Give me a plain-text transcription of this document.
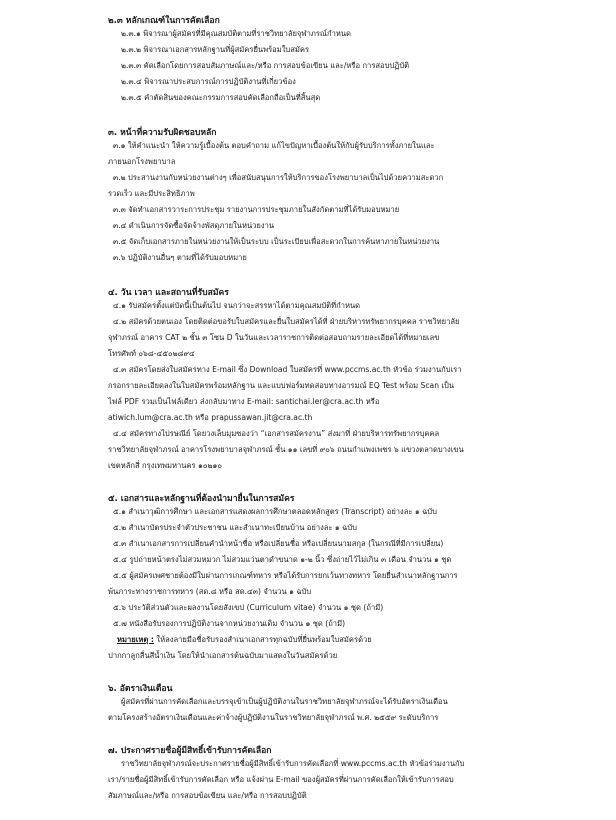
๒.๓ หลักเกณฑ์ในการคัดเลือก
๒.๓.๑ พิจารณาผู้สมัครที่มีคุณสมบัติตามที่ราชวิทยาลัยจุฬาภรณ์กำหนด
๒.๓.๒ พิจารณาเอกสารหลักฐานที่ผู้สมัครยื่นพร้อมใบสมัคร
๒.๓.๓ คัดเลือกโดยการสอบสัมภาษณ์และ/หรือ การสอบข้อเขียน และ/หรือ การสอบปฏิบัติ
๒.๓.๔ พิจารณาประสบการณ์การปฏิบัติงานที่เกี่ยวข้อง
๒.๓.๕ คำตัดสินของคณะกรรมการสอบคัดเลือกถือเป็นที่สิ้นสุด
๓. หน้าที่ความรับผิดชอบหลัก
๓.๑ ให้คำแนะนำ ให้ความรู้เบื้องต้น ตอบคำถาม แก้ไขปัญหาเบื้องต้นให้กับผู้รับบริการทั้งภายในและ
ภายนอกโรงพยาบาล
๓.๒ ประสานงานกับหน่วยงานต่างๆ เพื่อสนับสนุนการให้บริการของโรงพยาบาลเป็นไปด้วยความสะดวก
รวดเร็ว และมีประสิทธิภาพ
๓.๓ จัดทำเอกสารวาระการประชุม รายงานการประชุมภายในสังกัดตามที่ได้รับมอบหมาย
๓.๔ ดำเนินการจัดซื้อจัดจ้างพัสดุภายในหน่วยงาน
๓.๕ จัดเก็บเอกสารภายในหน่วยงานให้เป็นระบบ เป็นระเบียบเพื่อสะดวกในการค้นหาภายในหน่วยงาน
๓.๖ ปฏิบัติงานอื่นๆ ตามที่ได้รับมอบหมาย
๔. วัน เวลา และสถานที่รับสมัคร
๔.๑ รับสมัครตั้งแต่บัดนี้เป็นต้นไป จนกว่าจะสรรหาได้ตามคุณสมบัติที่กำหนด
๔.๒ สมัครด้วยตนเอง โดยติดต่อขอรับใบสมัครและยื่นใบสมัครได้ที่ ฝ่ายบริหารทรัพยากรบุคคล ราชวิทยาลัย
จุฬาภรณ์ อาคาร CAT ๒ ชั้น ๓ โซน D ในวันและเวลาราชการติดต่อสอบถามรายละเอียดได้ที่หมายเลข
โทรศัพท์ ๐๖๘-๔๕๐๒๘๙๔
๔.๓ สมัครโดยส่งใบสมัครทาง E-mail ซึ่ง Download ใบสมัครที่ www.pccms.ac.th หัวข้อ ร่วมงานกับเรา
กรอกรายละเอียดลงในใบสมัครพร้อมหลักฐาน และแบบฟอร์มทดสอบทางอารมณ์ EQ Test พร้อม Scan เป็น
ไฟล์ PDF รวมเป็นไฟล์เดียว ส่งกลับมาทาง E-mail: santichai.ler@cra.ac.th หรือ
atiwich.lum@cra.ac.th หรือ prapussawan.jit@cra.ac.th
๔.๔ สมัครทางไปรษณีย์ โดยวงเล็บมุมซองว่า “เอกสารสมัครงาน” ส่งมาที่ ฝ่ายบริหารทรัพยากรบุคคล
ราชวิทยาลัยจุฬาภรณ์ อาคารโรงพยาบาลจุฬาภรณ์ ชั้น ๑๑ เลขที่ ๙๐๖ ถนนกำแพงเพชร ๖ แขวงตลาดบางเขน
เขตหลักสี่ กรุงเทพมหานคร ๑๐๒๑๐
๕. เอกสารและหลักฐานที่ต้องนำมายื่นในการสมัคร
๕.๑ สำเนาวุฒิการศึกษา และเอกสารแสดงผลการศึกษาตลอดหลักสูตร (Transcript) อย่างละ ๑ ฉบับ
๕.๒ สำเนาบัตรประจำตัวประชาชน และสำเนาทะเบียนบ้าน อย่างละ ๑ ฉบับ
๕.๓ สำเนาเอกสารการเปลี่ยนคำนำหน้าชื่อ หรือเปลี่ยนชื่อ หรือเปลี่ยนนามสกุล (ในกรณีที่มีการเปลี่ยน)
๕.๔ รูปถ่ายหน้าตรงไม่สวมหมวก ไม่สวมแว่นตาดำขนาด ๑-๒ นิ้ว ซึ่งถ่ายไว้ไม่เกิน ๓ เดือน จำนวน ๑ ชุด
๕.๕ ผู้สมัครเพศชายต้องมีใบผ่านการเกณฑ์ทหาร หรือได้รับการยกเว้นทางทหาร โดยยื่นสำเนาหลักฐานการ
พ้นภาระทางราชการทหาร (สด.๘ หรือ สด.๔๓) จำนวน ๑ ฉบับ
๕.๖ ประวัติส่วนตัวและผลงานโดยสังเขป (Curriculum vitae) จำนวน ๑ ชุด (ถ้ามี)
๕.๗ หนังสือรับรองการปฏิบัติงานจากหน่วยงานเดิม จำนวน ๑ ชุด (ถ้ามี)
หมายเหตุ : ให้ลงลายมือชื่อรับรองสำเนาเอกสารทุกฉบับที่ยื่นพร้อมใบสมัครด้วย
ปากกาลูกลื่นสีน้ำเงิน โดยให้นำเอกสารต้นฉบับมาแสดงในวันสมัครด้วย
๖. อัตราเงินเดือน
ผู้สมัครที่ผ่านการคัดเลือกและบรรจุเข้าเป็นผู้ปฏิบัติงานในราชวิทยาลัยจุฬาภรณ์จะได้รับอัตราเงินเดือน
ตามโครงสร้างอัตราเงินเดือนและค่าจ้างผู้ปฏิบัติงานในราชวิทยาลัยจุฬาภรณ์ พ.ศ. ๒๕๕๙ ระดับบริการ
๗. ประกาศรายชื่อผู้มีสิทธิ์เข้ารับการคัดเลือก
ราชวิทยาลัยจุฬาภรณ์จะประกาศรายชื่อผู้มีสิทธิ์เข้ารับการคัดเลือกที่ www.pccms.ac.th หัวข้อร่วมงานกับ
เรา/รายชื่อผู้มีสิทธิ์เข้ารับการคัดเลือก หรือ แจ้งผ่าน E-mail ของผู้สมัครที่ผ่านการคัดเลือกให้เข้ารับการสอบ
สัมภาษณ์และ/หรือ การสอบข้อเขียน และ/หรือ การสอบปฏิบัติ
